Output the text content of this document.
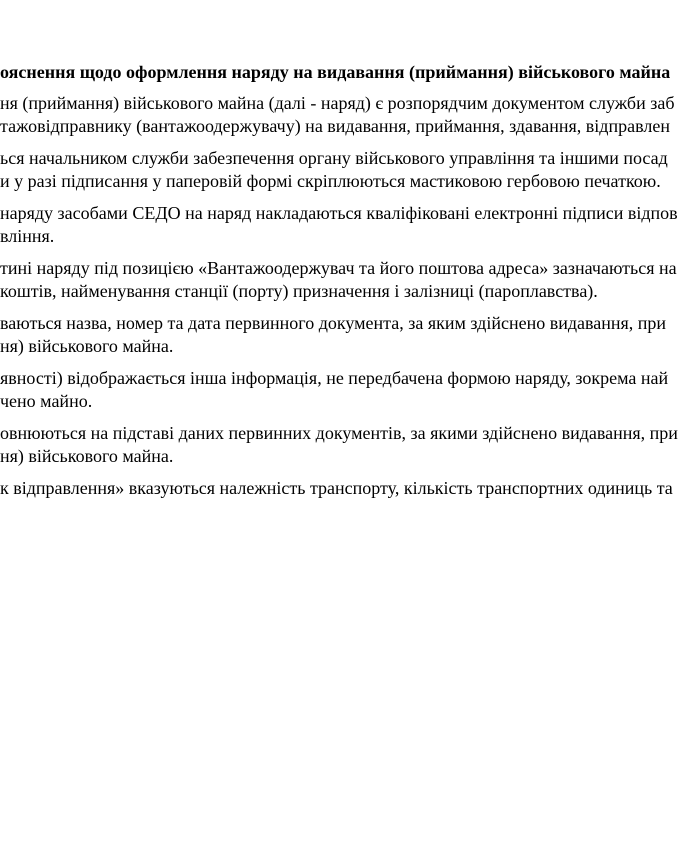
ояснення щодо оформлення наряду на видавання (приймання) військового майна

ня (приймання) військового майна (далі - наряд) є розпорядчим документом служби заб
тажовідправнику (вантажоодержувачу) на видавання, приймання, здавання, відправлен

ься начальником служби забезпечення органу військового управління та іншими посад
и у разі підписання у паперовій формі скріплюються мастиковою гербовою печаткою.

наряду засобами СЕДО на наряд накладаються кваліфіковані електронні підписи відпов
вління.

тині наряду під позицією «Вантажоодержувач та його поштова адреса» зазначаються на
коштів, найменування станції (порту) призначення і залізниці (пароплавства).

ваються назва, номер та дата первинного документа, за яким здійснено видавання, при
ня) військового майна.

явності) відображається інша інформація, не передбачена формою наряду, зокрема най
чено майно.

овнюються на підставі даних первинних документів, за якими здійснено видавання, при
ня) військового майна.

к відправлення» вказуються належність транспорту, кількість транспортних одиниць та
